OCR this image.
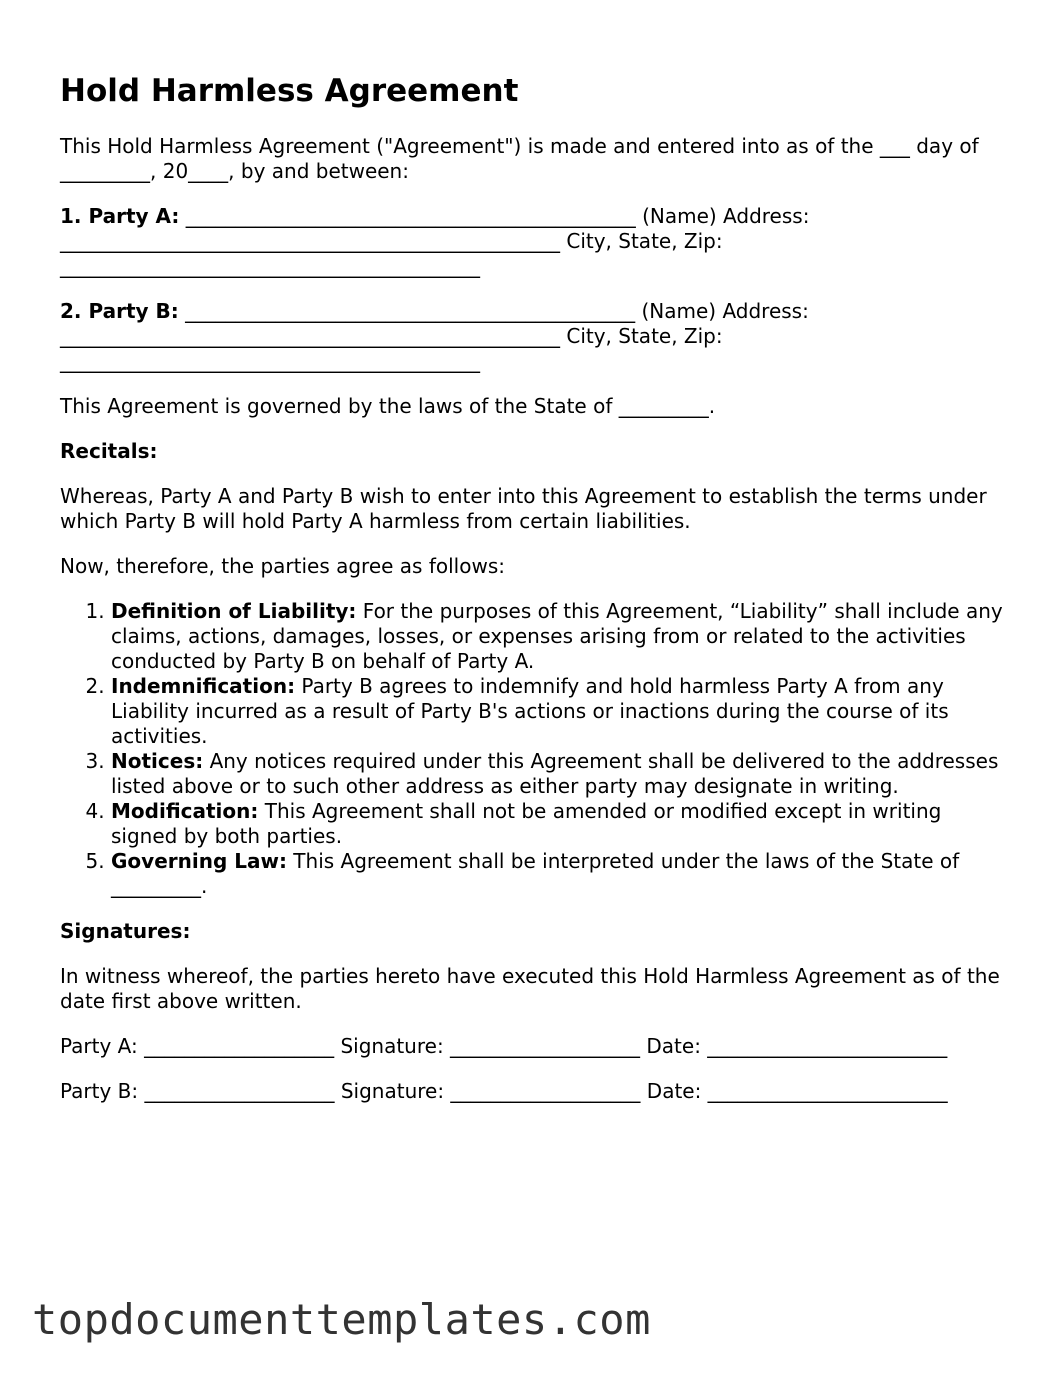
Hold Harmless Agreement

This Hold Harmless Agreement ("Agreement") is made and entered into as of the ___ day of _________, 20____, by and between:

1. Party A: _____________________________________________ (Name) Address: __________________________________________________ City, State, Zip: __________________________________________

2. Party B: _____________________________________________ (Name) Address: __________________________________________________ City, State, Zip: __________________________________________

This Agreement is governed by the laws of the State of _________.

Recitals:

Whereas, Party A and Party B wish to enter into this Agreement to establish the terms under which Party B will hold Party A harmless from certain liabilities.

Now, therefore, the parties agree as follows:

1. Definition of Liability: For the purposes of this Agreement, “Liability” shall include any claims, actions, damages, losses, or expenses arising from or related to the activities conducted by Party B on behalf of Party A.
2. Indemnification: Party B agrees to indemnify and hold harmless Party A from any Liability incurred as a result of Party B's actions or inactions during the course of its activities.
3. Notices: Any notices required under this Agreement shall be delivered to the addresses listed above or to such other address as either party may designate in writing.
4. Modification: This Agreement shall not be amended or modified except in writing signed by both parties.
5. Governing Law: This Agreement shall be interpreted under the laws of the State of _________.

Signatures:

In witness whereof, the parties hereto have executed this Hold Harmless Agreement as of the date first above written.

Party A: ___________________ Signature: ___________________ Date: ________________________

Party B: ___________________ Signature: ___________________ Date: ________________________

topdocumenttemplates.com
